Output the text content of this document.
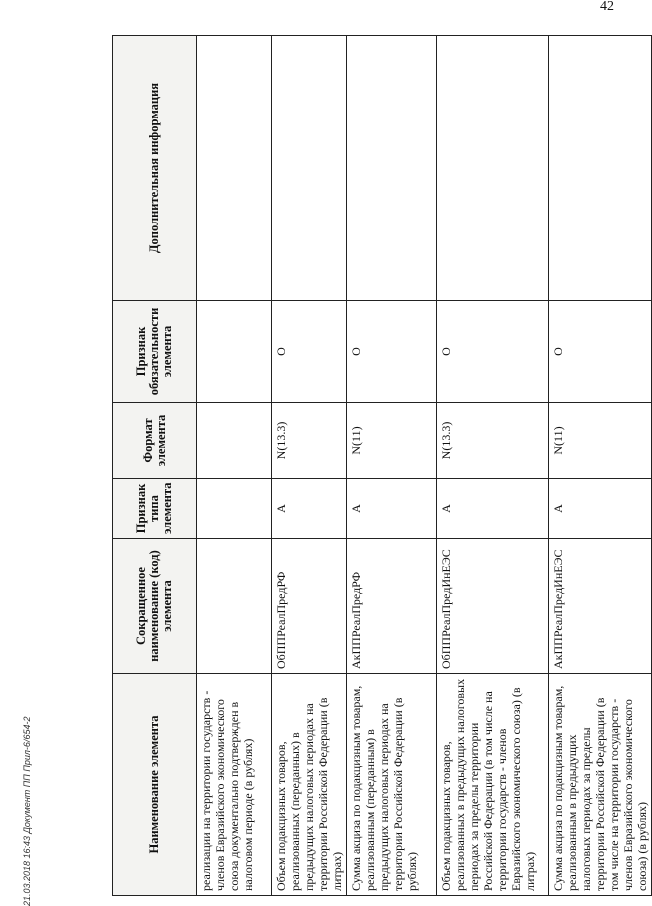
42
Наименование элемента	Сокращенное наименование (код) элемента	Признак типа элемента	Формат элемента	Признак обязательности элемента	Дополнительная информация
реализации на территории государств - членов Евразийского экономического союза документально подтвержден в налоговом периоде (в рублях)					
Объем подакцизных товаров, реализованных (переданных) в предыдущих налоговых периодах на территории Российской Федерации (в литрах)	ОбППРеалПредРФ	А	N(13.3)	О	
Сумма акциза по подакцизным товарам, реализованным (переданным) в предыдущих налоговых периодах на территории Российской Федерации (в рублях)	АкППРеалПредРФ	А	N(11)	О	
Объем подакцизных товаров, реализованных в предыдущих налоговых периодах за пределы территории Российской Федерации (в том числе на территории государств - членов Евразийского экономического союза) (в литрах)	ОбППРеалПредИнЕЭС	А	N(13.3)	О	
Сумма акциза по подакцизным товарам, реализованным в предыдущих налоговых периодах за пределы территории Российской Федерации (в том числе на территории государств - членов Евразийского экономического союза) (в рублях)	АкППРеалПредИнЕЭС	А	N(11)	О	
21.03.2018 16:43 Документ ПП Прил-6/654-2
